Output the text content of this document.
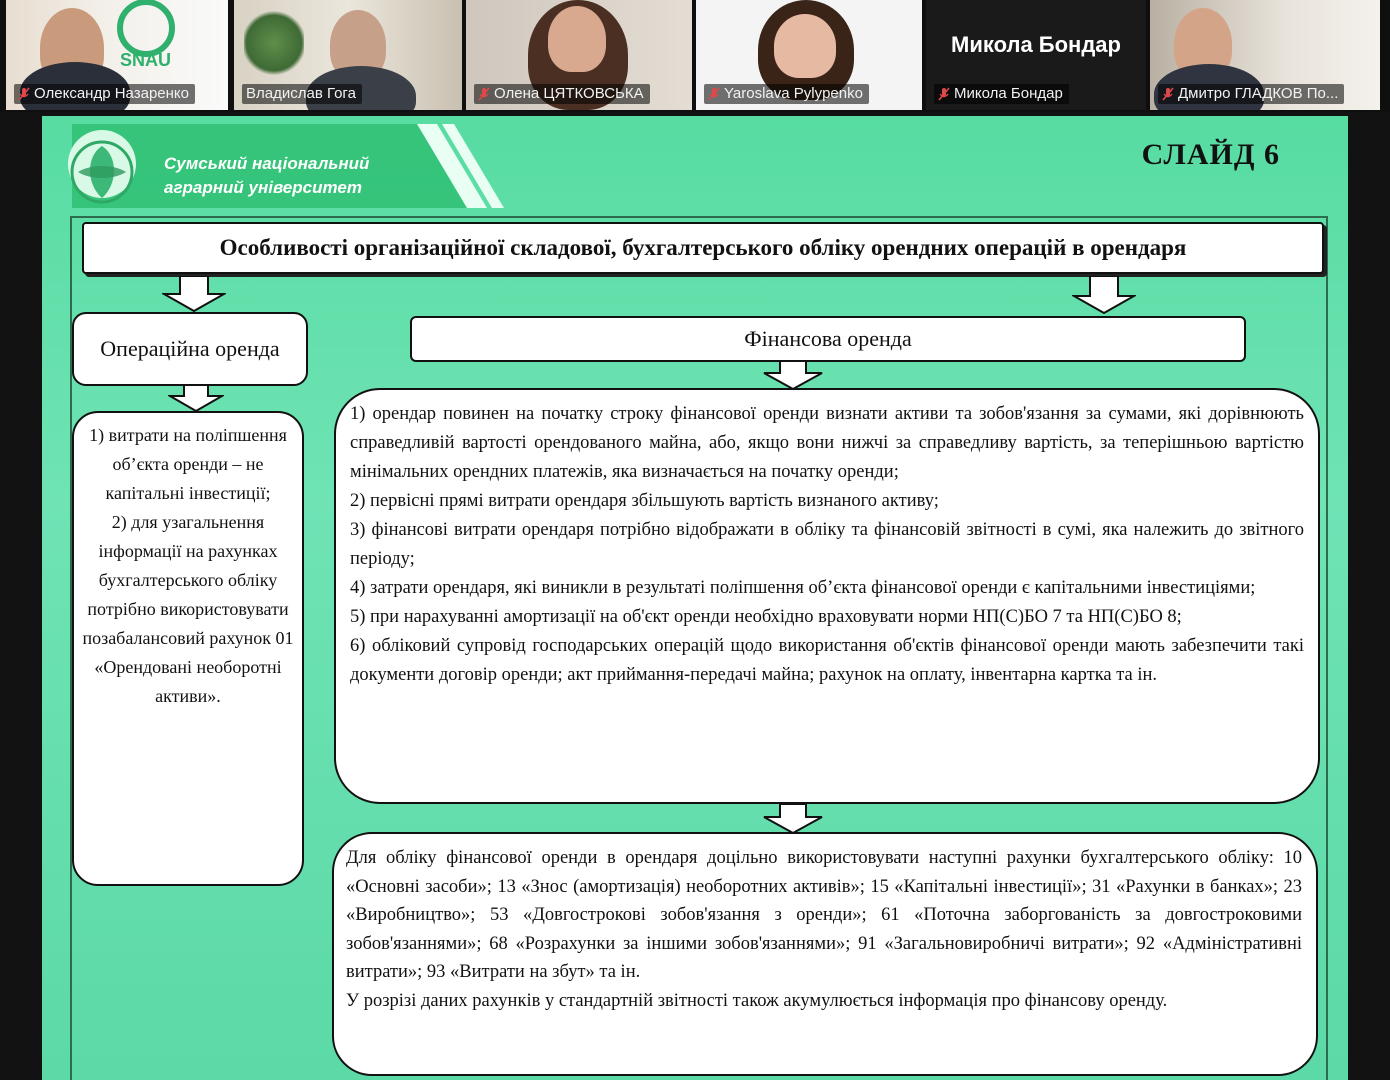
SNAU
Олександр Назаренко	Владислав Гога	Олена ЦЯТКОВСЬКА	Yaroslava Pylypenko
Микола Бондар
Микола Бондар	Дмитро ГЛАДКОВ По...
Сумський національний
аграрний університет
СЛАЙД 6
Особливості організаційної складової, бухгалтерського обліку орендних операцій в орендаря
Операційна оренда	Фінансова оренда

1) витрати на поліпшення об’єкта оренди – не капітальні інвестиції;

2) для узагальнення інформації на рахунках бухгалтерського обліку потрібно використовувати позабалансовий рахунок 01 «Орендовані необоротні активи».

1) орендар повинен на початку строку фінансової оренди визнати активи та зобов'язання за сумами, які дорівнюють справедливій вартості орендованого майна, або, якщо вони нижчі за справедливу вартість, за теперішньою вартістю мінімальних орендних платежів, яка визначається на початку оренди;

2) первісні прямі витрати орендаря збільшують вартість визнаного активу;

3) фінансові витрати орендаря потрібно відображати в обліку та фінансовій звітності в сумі, яка належить до звітного періоду;

4) затрати орендаря, які виникли в результаті поліпшення об’єкта фінансової оренди є капітальними інвестиціями;

5) при нарахуванні амортизації на об'єкт оренди необхідно враховувати норми НП(С)БО 7 та НП(С)БО 8;

6) обліковий супровід господарських операцій щодо використання об'єктів фінансової оренди мають забезпечити такі документи договір оренди; акт приймання-передачі майна; рахунок на оплату, інвентарна картка та ін.

Для обліку фінансової оренди в орендаря доцільно використовувати наступні рахунки бухгалтерського обліку: 10 «Основні засоби»; 13 «Знос (амортизація) необоротних активів»; 15 «Капітальні інвестиції»; 31 «Рахунки в банках»; 23 «Виробництво»; 53 «Довгострокові зобов'язання з оренди»; 61 «Поточна заборгованість за довгостроковими зобов'язаннями»; 68 «Розрахунки за іншими зобов'язаннями»; 91 «Загальновиробничі витрати»; 92 «Адміністративні витрати»; 93 «Витрати на збут» та ін.

У розрізі даних рахунків у стандартній звітності також акумулюється інформація про фінансову оренду.
